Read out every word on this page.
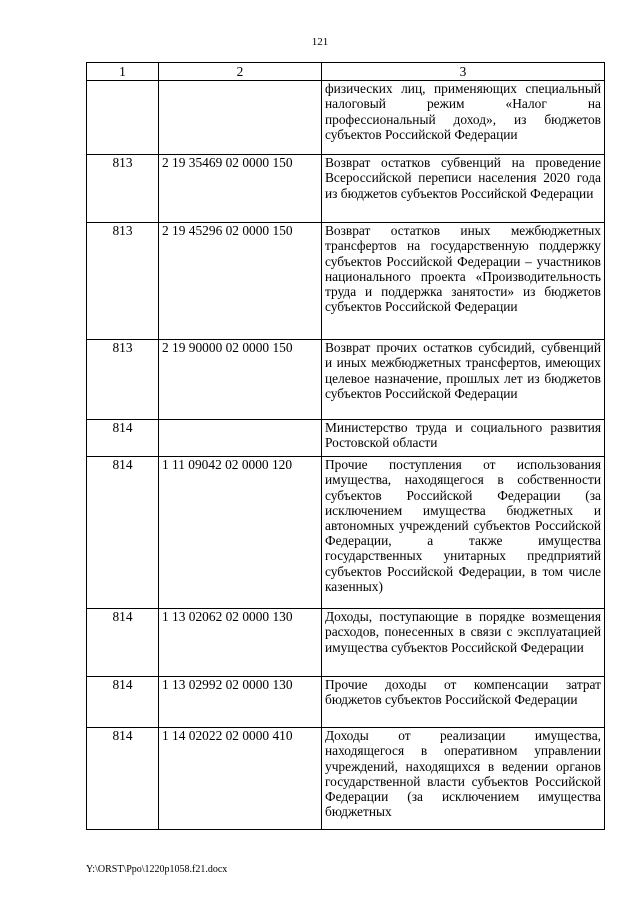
121
1	2	3
		физических лиц, применяющих специальный налоговый режим «Налог на профессиональный доход», из бюджетов субъектов Российской Федерации
813	2 19 35469 02 0000 150	Возврат остатков субвенций на проведение Всероссийской переписи населения 2020 года из бюджетов субъектов Российской Федерации
813	2 19 45296 02 0000 150	Возврат остатков иных межбюджетных трансфертов на государственную поддержку субъектов Российской Федерации – участников национального проекта «Производительность труда и поддержка занятости» из бюджетов субъектов Российской Федерации
813	2 19 90000 02 0000 150	Возврат прочих остатков субсидий, субвенций и иных межбюджетных трансфертов, имеющих целевое назначение, прошлых лет из бюджетов субъектов Российской Федерации
814		Министерство труда и социального развития Ростовской области
814	1 11 09042 02 0000 120	Прочие поступления от использования имущества, находящегося в собственности субъектов Российской Федерации (за исключением имущества бюджетных и автономных учреждений субъектов Российской Федерации, а также имущества государственных унитарных предприятий субъектов Российской Федерации, в том числе казенных)
814	1 13 02062 02 0000 130	Доходы, поступающие в порядке возмещения расходов, понесенных в связи с эксплуатацией имущества субъектов Российской Федерации
814	1 13 02992 02 0000 130	Прочие доходы от компенсации затрат бюджетов субъектов Российской Федерации
814	1 14 02022 02 0000 410	Доходы от реализации имущества, находящегося в оперативном управлении учреждений, находящихся в ведении органов государственной власти субъектов Российской Федерации (за исключением имущества бюджетных
Y:\ORST\Ppo\1220p1058.f21.docx
